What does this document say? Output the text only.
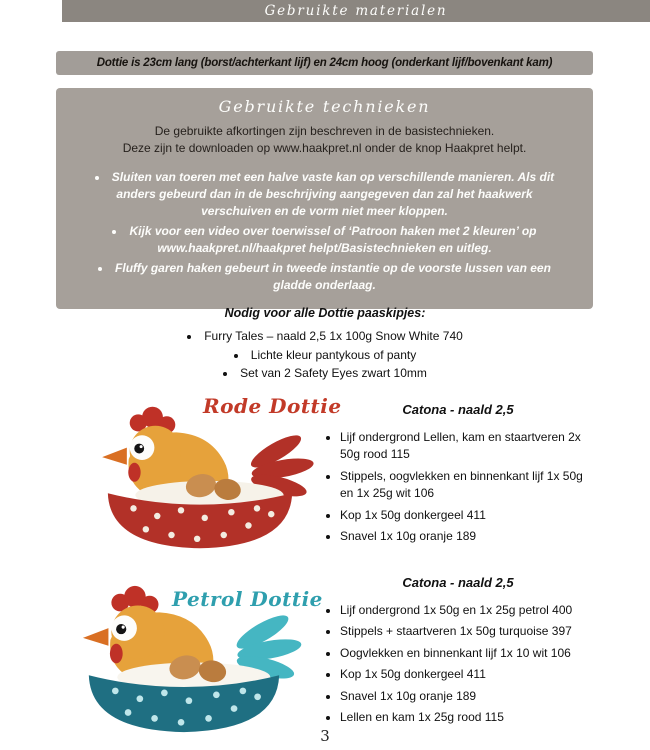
Gebruikte materialen
Dottie is 23cm lang (borst/achterkant lijf) en 24cm hoog (onderkant lijf/bovenkant kam)
Gebruikte technieken

De gebruikte afkortingen zijn beschreven in de basistechnieken.
Deze zijn te downloaden op www.haakpret.nl onder de knop Haakpret helpt.

• Sluiten van toeren met een halve vaste kan op verschillende manieren. Als dit anders gebeurd dan in de beschrijving aangegeven dan zal het haakwerk verschuiven en de vorm niet meer kloppen.
• Kijk voor een video over toerwissel of ‘Patroon haken met 2 kleuren’ op www.haakpret.nl/haakpret helpt/Basistechnieken en uitleg.
• Fluffy garen haken gebeurt in tweede instantie op de voorste lussen van een gladde onderlaag.
Nodig voor alle Dottie paaskipjes:
• Furry Tales – naald 2,5 1x 100g Snow White 740
• Lichte kleur pantykous of panty
• Set van 2 Safety Eyes zwart 10mm
Rode Dottie	Catona - naald 2,5
• Lijf ondergrond Lellen, kam en staartveren 2x 50g rood 115
• Stippels, oogvlekken en binnenkant lijf 1x 50g en 1x 25g wit 106
• Kop 1x 50g donkergeel 411
• Snavel 1x 10g oranje 189
Petrol Dottie
Catona - naald 2,5
• Lijf ondergrond 1x 50g en 1x 25g petrol 400
• Stippels + staartveren 1x 50g turquoise 397
• Oogvlekken en binnenkant lijf 1x 10 wit 106
• Kop 1x 50g donkergeel 411
• Snavel 1x 10g oranje 189
• Lellen en kam 1x 25g rood 115
3
